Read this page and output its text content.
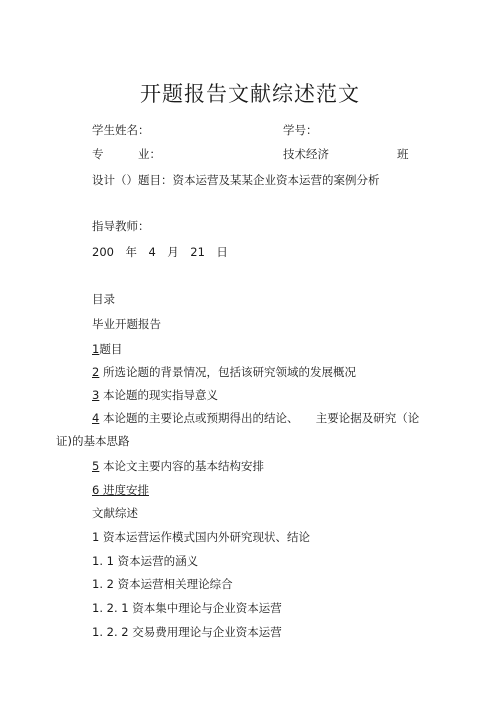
开题报告文献综述范文
学生姓名：	学号：
专　　　业：	技术经济	班
设计（）题目：资本运营及某某企业资本运营的案例分析
指导教师：
200　年　4　月　21　日
目录
毕业开题报告
1题目
2 所选论题的背景情况，包括该研究领域的发展概况
3 本论题的现实指导意义
4 本论题的主要论点或预期得出的结论、　　主要论据及研究（论
证)的基本思路
5 本论文主要内容的基本结构安排
6 进度安排
文献综述
1 资本运营运作模式国内外研究现状、结论
1. 1 资本运营的涵义
1. 2 资本运营相关理论综合
1. 2. 1 资本集中理论与企业资本运营
1. 2. 2 交易费用理论与企业资本运营
